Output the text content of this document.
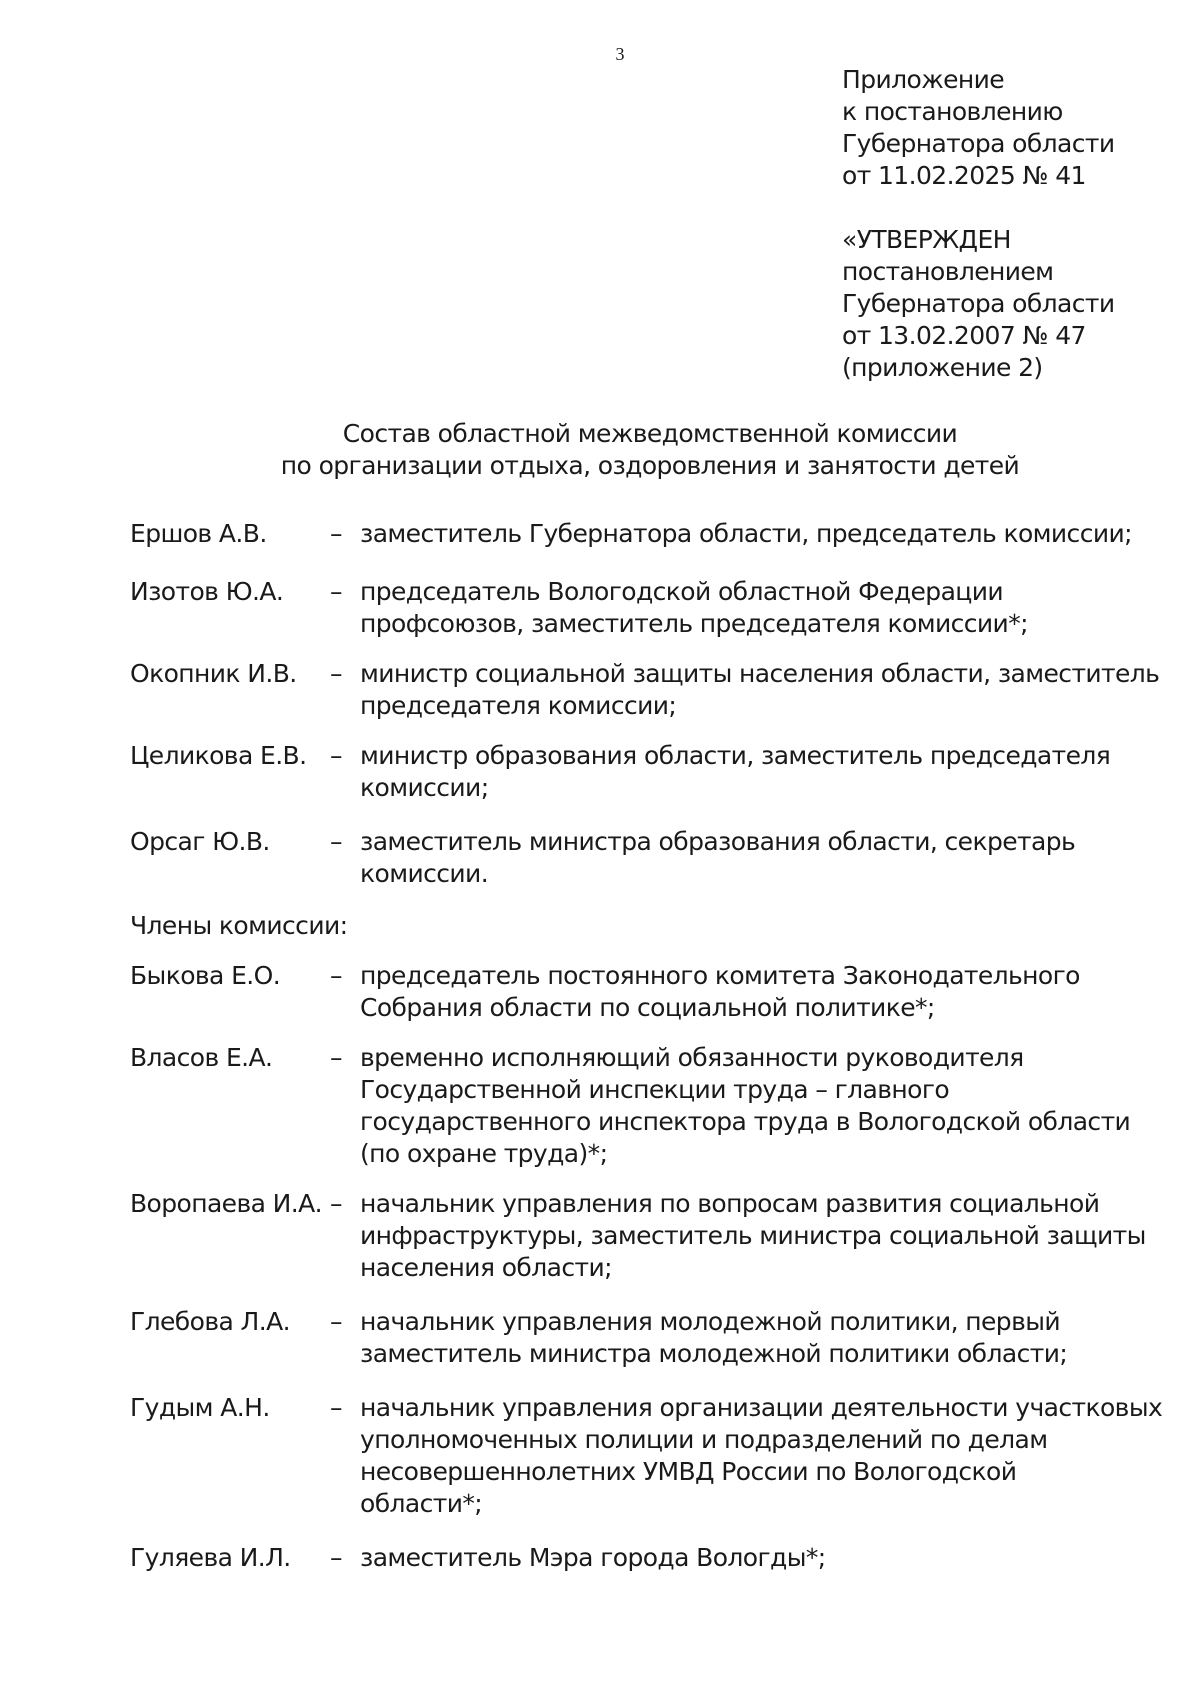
3
Приложение
к постановлению
Губернатора области
от 11.02.2025 № 41
«УТВЕРЖДЕН
постановлением
Губернатора области
от 13.02.2007 № 47
(приложение 2)
Состав областной межведомственной комиссии
по организации отдыха, оздоровления и занятости детей
Ершов А.В.	– заместитель Губернатора области, председатель комиссии;
Изотов Ю.А.	– председатель Вологодской областной Федерации
профсоюзов, заместитель председателя комиссии*;
Окопник И.В.	– министр социальной защиты населения области, заместитель
председателя комиссии;
Целикова Е.В. – министр образования области, заместитель председателя
комиссии;
Орсаг Ю.В.	– заместитель министра образования области, секретарь
комиссии.
Члены комиссии:
Быкова Е.О.	– председатель постоянного комитета Законодательного
Собрания области по социальной политике*;
Власов Е.А.	– временно исполняющий обязанности руководителя
Государственной инспекции труда – главного
государственного инспектора труда в Вологодской области
(по охране труда)*;
Воропаева И.А. – начальник управления по вопросам развития социальной
инфраструктуры, заместитель министра социальной защиты
населения области;
Глебова Л.А.	– начальник управления молодежной политики, первый
заместитель министра молодежной политики области;
Гудым А.Н.	– начальник управления организации деятельности участковых
уполномоченных полиции и подразделений по делам
несовершеннолетних УМВД России по Вологодской
области*;
Гуляева И.Л.	– заместитель Мэра города Вологды*;
